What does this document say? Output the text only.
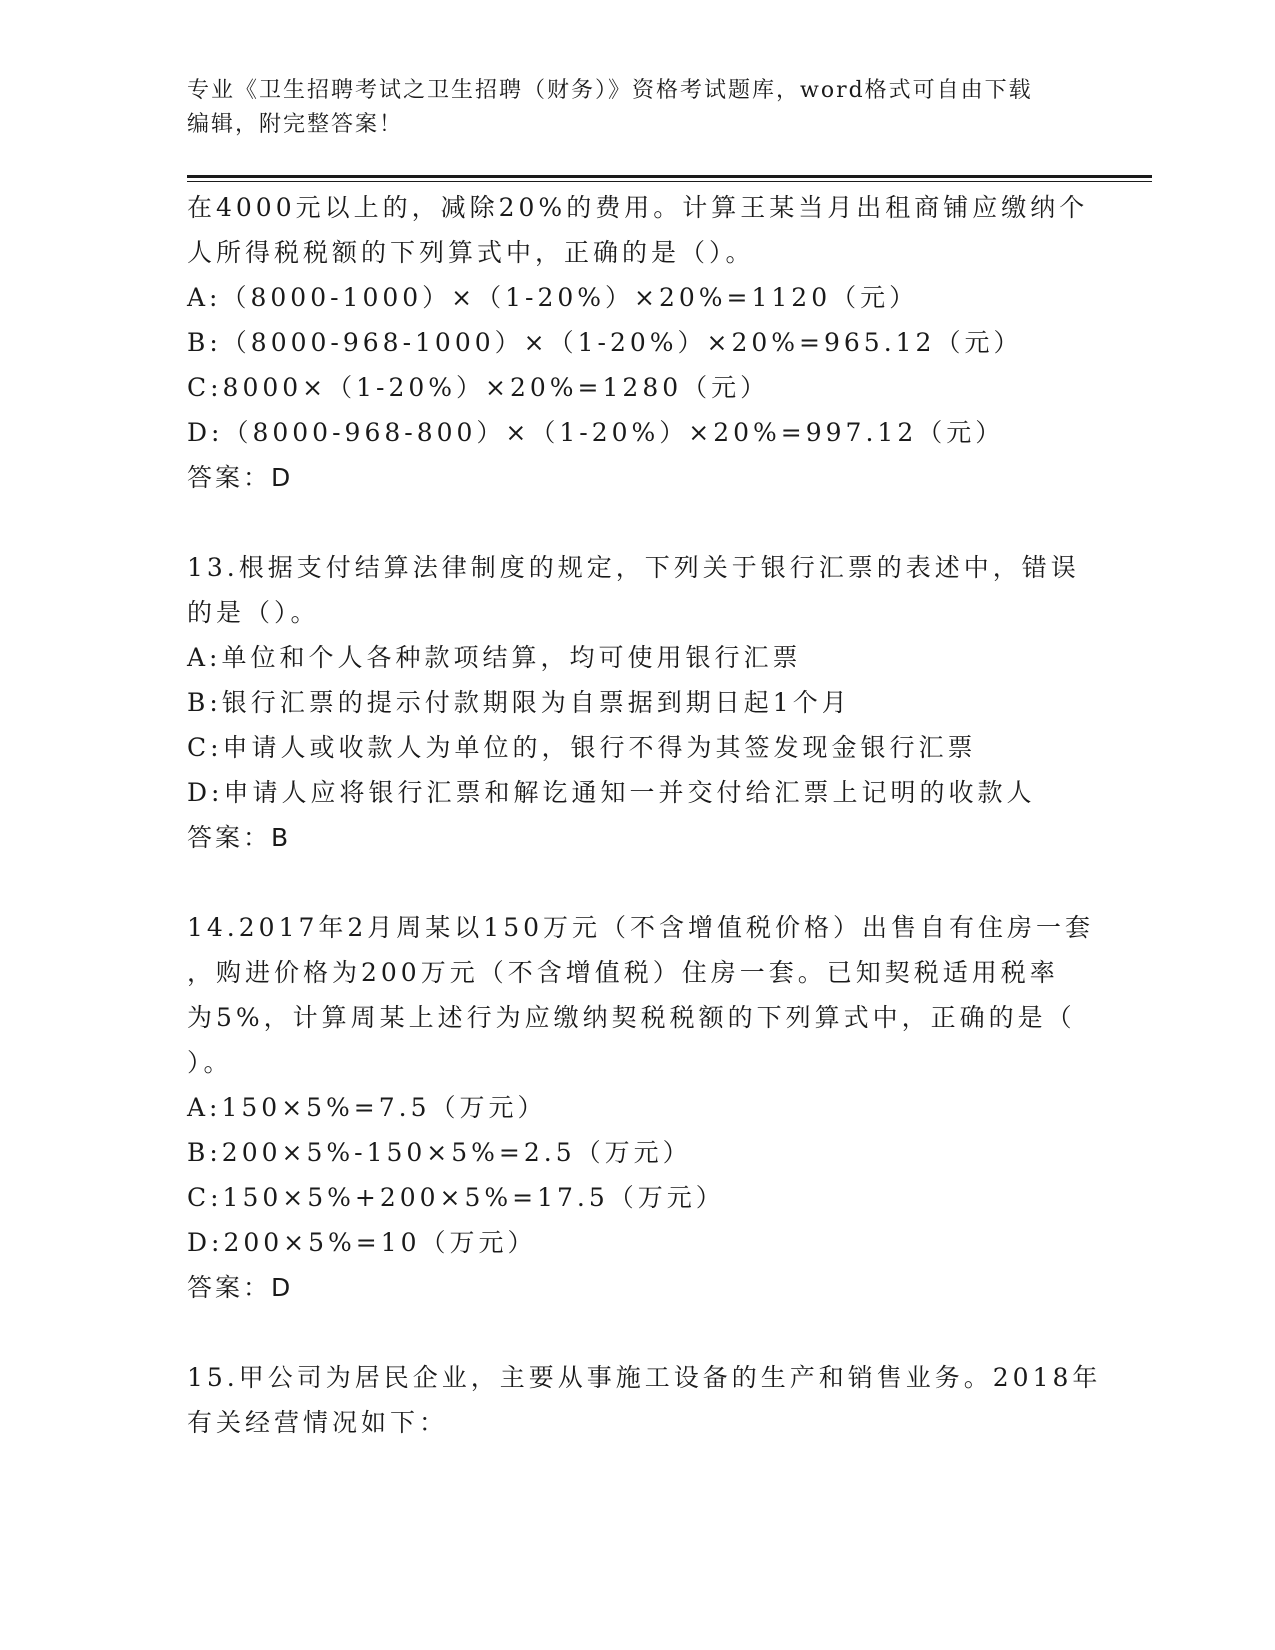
专业《卫生招聘考试之卫生招聘（财务）》资格考试题库，word格式可自由下载
编辑，附完整答案！
在4000元以上的，减除20%的费用。计算王某当月出租商铺应缴纳个
人所得税税额的下列算式中，正确的是（）。
A:（8000-1000）×（1-20%）×20%=1120（元）
B:（8000-968-1000）×（1-20%）×20%=965.12（元）
C:8000×（1-20%）×20%=1280（元）
D:（8000-968-800）×（1-20%）×20%=997.12（元）
答案：D
13.根据支付结算法律制度的规定，下列关于银行汇票的表述中，错误
的是（）。
A:单位和个人各种款项结算，均可使用银行汇票
B:银行汇票的提示付款期限为自票据到期日起1个月
C:申请人或收款人为单位的，银行不得为其签发现金银行汇票
D:申请人应将银行汇票和解讫通知一并交付给汇票上记明的收款人
答案：B
14.2017年2月周某以150万元（不含增值税价格）出售自有住房一套
，购进价格为200万元（不含增值税）住房一套。已知契税适用税率
为5%，计算周某上述行为应缴纳契税税额的下列算式中，正确的是（
）。
A:150×5%=7.5（万元）
B:200×5%-150×5%=2.5（万元）
C:150×5%+200×5%=17.5（万元）
D:200×5%=10（万元）
答案：D
15.甲公司为居民企业，主要从事施工设备的生产和销售业务。2018年
有关经营情况如下：
